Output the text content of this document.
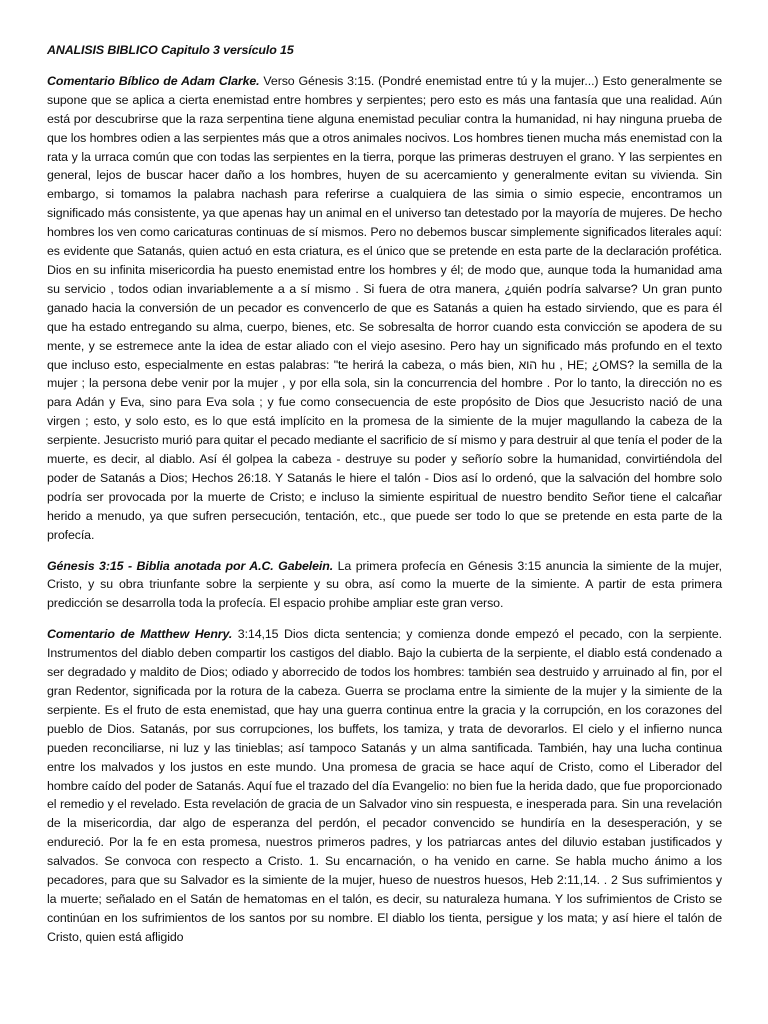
ANALISIS BIBLICO Capitulo 3 versículo 15

Comentario Bíblico de Adam Clarke. Verso Génesis 3:15. (Pondré enemistad entre tú y la mujer...) Esto generalmente se supone que se aplica a cierta enemistad entre hombres y serpientes; pero esto es más una fantasía que una realidad. Aún está por descubrirse que la raza serpentina tiene alguna enemistad peculiar contra la humanidad, ni hay ninguna prueba de que los hombres odien a las serpientes más que a otros animales nocivos. Los hombres tienen mucha más enemistad con la rata y la urraca común que con todas las serpientes en la tierra, porque las primeras destruyen el grano. Y las serpientes en general, lejos de buscar hacer daño a los hombres, huyen de su acercamiento y generalmente evitan su vivienda. Sin embargo, si tomamos la palabra nachash para referirse a cualquiera de las simia o simio especie, encontramos un significado más consistente, ya que apenas hay un animal en el universo tan detestado por la mayoría de mujeres. De hecho hombres los ven como caricaturas continuas de sí mismos. Pero no debemos buscar simplemente significados literales aquí: es evidente que Satanás, quien actuó en esta criatura, es el único que se pretende en esta parte de la declaración profética. Dios en su infinita misericordia ha puesto enemistad entre los hombres y él; de modo que, aunque toda la humanidad ama su servicio , todos odian invariablemente a a sí mismo . Si fuera de otra manera, ¿quién podría salvarse? Un gran punto ganado hacia la conversión de un pecador es convencerlo de que es Satanás a quien ha estado sirviendo, que es para él que ha estado entregando su alma, cuerpo, bienes, etc. Se sobresalta de horror cuando esta convicción se apodera de su mente, y se estremece ante la idea de estar aliado con el viejo asesino. Pero hay un significado más profundo en el texto que incluso esto, especialmente en estas palabras: "te herirá la cabeza, o más bien, הוא hu , HE; ¿OMS? la semilla de la mujer ; la persona debe venir por la mujer , y por ella sola, sin la concurrencia del hombre . Por lo tanto, la dirección no es para Adán y Eva, sino para Eva sola ; y fue como consecuencia de este propósito de Dios que Jesucristo nació de una virgen ; esto, y solo esto, es lo que está implícito en la promesa de la simiente de la mujer magullando la cabeza de la serpiente. Jesucristo murió para quitar el pecado mediante el sacrificio de sí mismo y para destruir al que tenía el poder de la muerte, es decir, al diablo. Así él golpea la cabeza - destruye su poder y señorío sobre la humanidad, convirtiéndola del poder de Satanás a Dios; Hechos 26:18. Y Satanás le hiere el talón - Dios así lo ordenó, que la salvación del hombre solo podría ser provocada por la muerte de Cristo; e incluso la simiente espiritual de nuestro bendito Señor tiene el calcañar herido a menudo, ya que sufren persecución, tentación, etc., que puede ser todo lo que se pretende en esta parte de la profecía.

Génesis 3:15 - Biblia anotada por A.C. Gabelein. La primera profecía en Génesis 3:15 anuncia la simiente de la mujer, Cristo, y su obra triunfante sobre la serpiente y su obra, así como la muerte de la simiente. A partir de esta primera predicción se desarrolla toda la profecía. El espacio prohibe ampliar este gran verso.

Comentario de Matthew Henry. 3:14,15 Dios dicta sentencia; y comienza donde empezó el pecado, con la serpiente. Instrumentos del diablo deben compartir los castigos del diablo. Bajo la cubierta de la serpiente, el diablo está condenado a ser degradado y maldito de Dios; odiado y aborrecido de todos los hombres: también sea destruido y arruinado al fin, por el gran Redentor, significada por la rotura de la cabeza. Guerra se proclama entre la simiente de la mujer y la simiente de la serpiente. Es el fruto de esta enemistad, que hay una guerra continua entre la gracia y la corrupción, en los corazones del pueblo de Dios. Satanás, por sus corrupciones, los buffets, los tamiza, y trata de devorarlos. El cielo y el infierno nunca pueden reconciliarse, ni luz y las tinieblas; así tampoco Satanás y un alma santificada. También, hay una lucha continua entre los malvados y los justos en este mundo. Una promesa de gracia se hace aquí de Cristo, como el Liberador del hombre caído del poder de Satanás. Aquí fue el trazado del día Evangelio: no bien fue la herida dado, que fue proporcionado el remedio y el revelado. Esta revelación de gracia de un Salvador vino sin respuesta, e inesperada para. Sin una revelación de la misericordia, dar algo de esperanza del perdón, el pecador convencido se hundiría en la desesperación, y se endureció. Por la fe en esta promesa, nuestros primeros padres, y los patriarcas antes del diluvio estaban justificados y salvados. Se convoca con respecto a Cristo. 1. Su encarnación, o ha venido en carne. Se habla mucho ánimo a los pecadores, para que su Salvador es la simiente de la mujer, hueso de nuestros huesos, Heb 2:11,14. . 2 Sus sufrimientos y la muerte; señalado en el Satán de hematomas en el talón, es decir, su naturaleza humana. Y los sufrimientos de Cristo se continúan en los sufrimientos de los santos por su nombre. El diablo los tienta, persigue y los mata; y así hiere el talón de Cristo, quien está afligido
